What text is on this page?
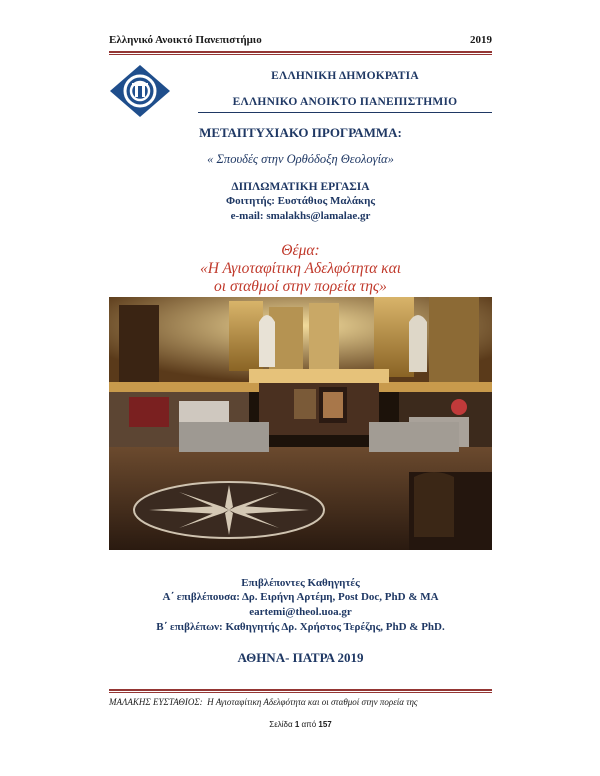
Ελληνικό Ανοικτό Πανεπιστήμιο	2019
ΕΛΛΗΝΙΚΗ ΔΗΜΟΚΡΑΤΙΑ
ΕΛΛΗΝΙΚΟ ΑΝΟΙΚΤΟ ΠΑΝΕΠΙΣΤΗΜΙΟ
ΜΕΤΑΠΤΥΧΙΑΚΟ ΠΡΟΓΡΑΜΜΑ:
« Σπουδές στην Ορθόδοξη Θεολογία»
ΔΙΠΛΩΜΑΤΙΚΗ ΕΡΓΑΣΙΑ
Φοιτητής: Ευστάθιος Μαλάκης
e-mail: smalakhs@lamalae.gr
Θέμα:
«Η Αγιοταφίτικη Αδελφότητα και
οι σταθμοί στην πορεία της»
Επιβλέποντες Καθηγητές
Α΄ επιβλέπουσα: Δρ. Ειρήνη Αρτέμη, Post Doc, PhD & MA
eartemi@theol.uoa.gr
Β΄ επιβλέπων: Καθηγητής Δρ. Χρήστος Τερέζης, PhD & PhD.
ΑΘΗΝΑ- ΠΑΤΡΑ 2019
ΜΑΛΑΚΗΣ ΕΥΣΤΑΘΙΟΣ: Η Αγιοταφίτικη Αδελφότητα και οι σταθμοί στην πορεία της
Σελίδα 1 από 157
